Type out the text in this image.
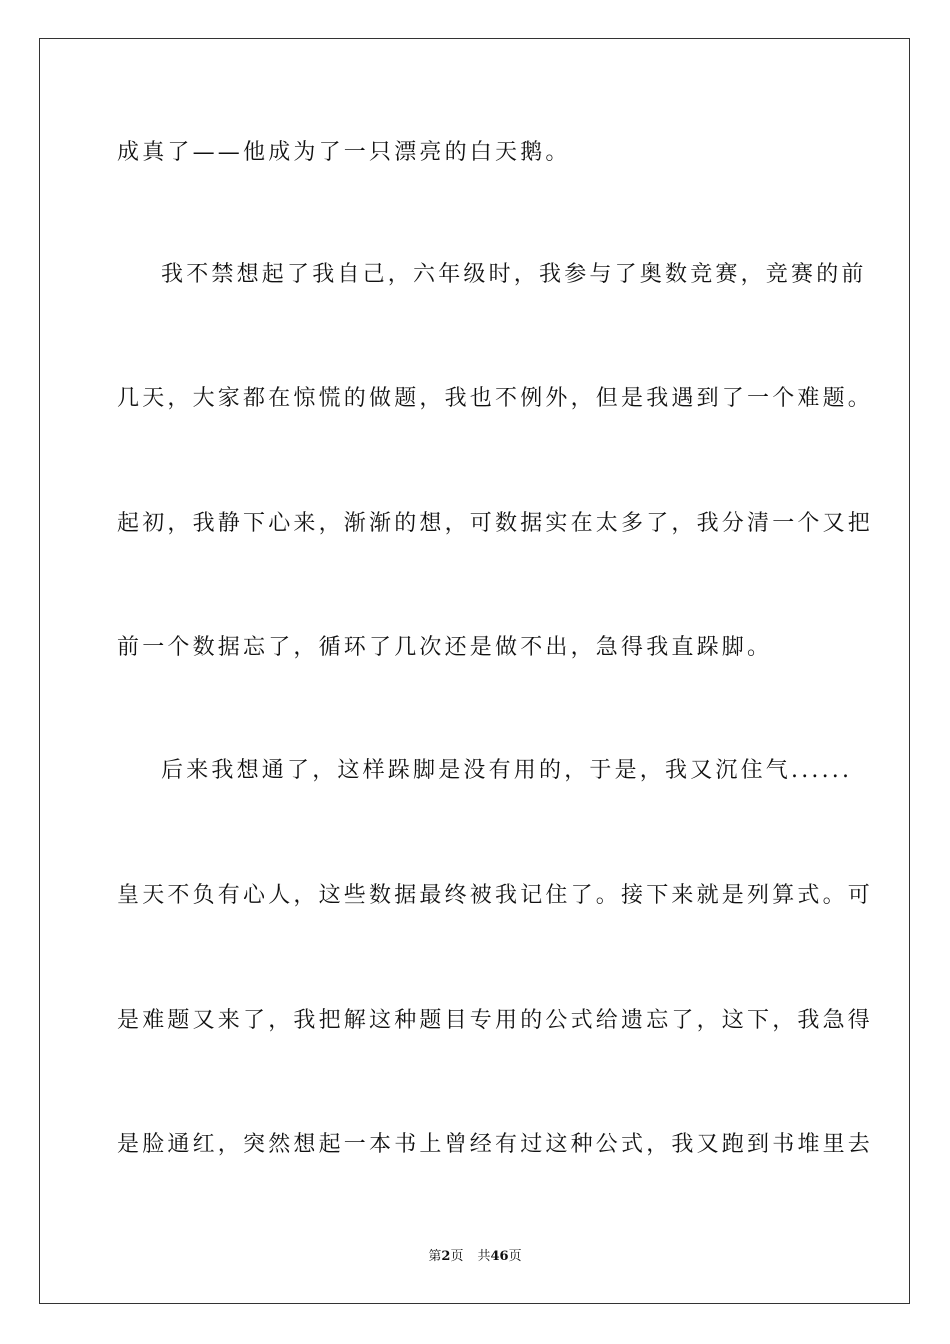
成真了——他成为了一只漂亮的白天鹅。
我不禁想起了我自己，六年级时，我参与了奥数竞赛，竞赛的前
几天，大家都在惊慌的做题，我也不例外，但是我遇到了一个难题。
起初，我静下心来，渐渐的想，可数据实在太多了，我分清一个又把
前一个数据忘了，循环了几次还是做不出，急得我直跺脚。
后来我想通了，这样跺脚是没有用的，于是，我又沉住气......
皇天不负有心人，这些数据最终被我记住了。接下来就是列算式。可
是难题又来了，我把解这种题目专用的公式给遗忘了，这下，我急得
是脸通红，突然想起一本书上曾经有过这种公式，我又跑到书堆里去
第2页 共46页
